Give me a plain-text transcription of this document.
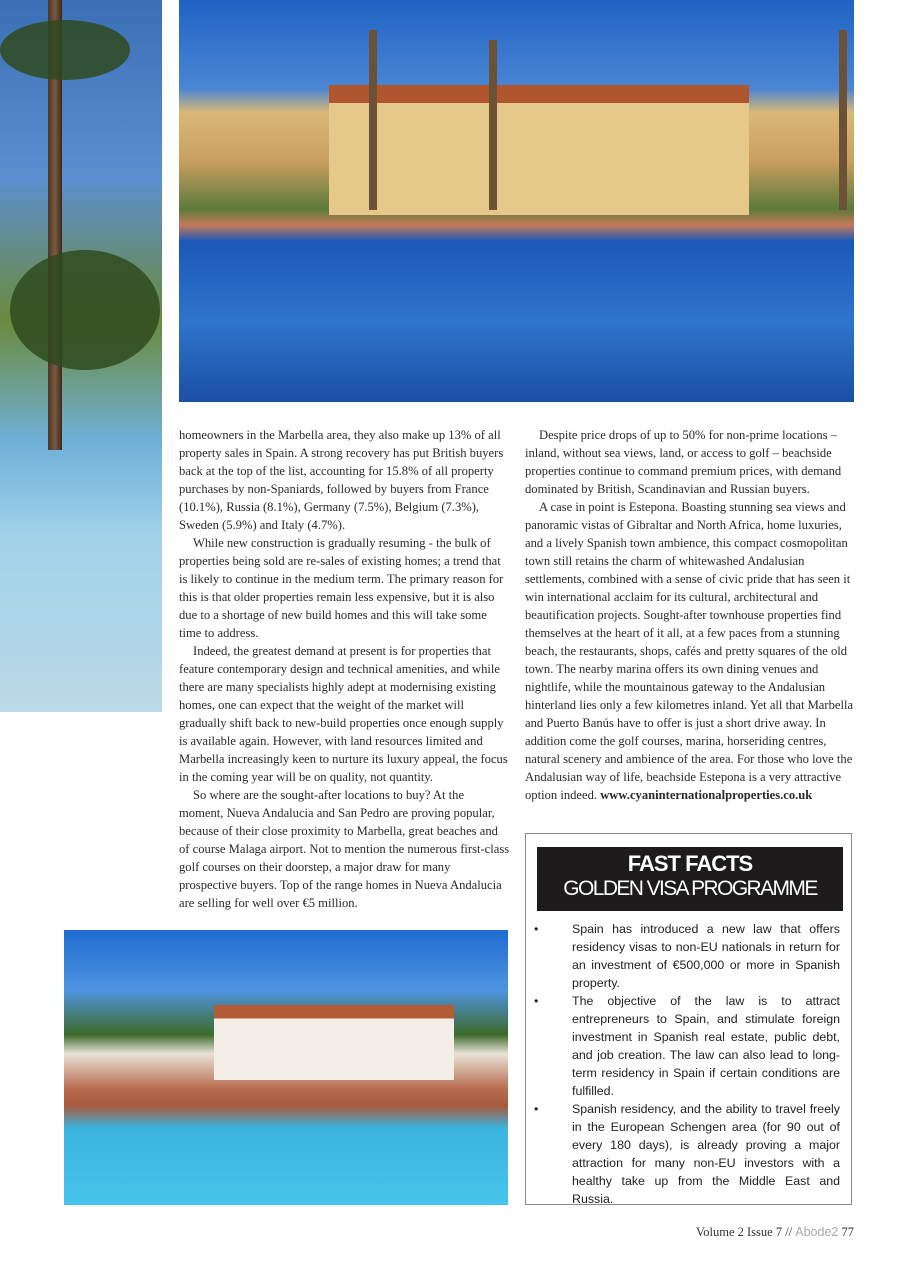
homeowners in the Marbella area, they also make up 13% of all property sales in Spain. A strong recovery has put British buyers back at the top of the list, accounting for 15.8% of all property purchases by non-Spaniards, followed by buyers from France (10.1%), Russia (8.1%), Germany (7.5%), Belgium (7.3%), Sweden (5.9%) and Italy (4.7%).

While new construction is gradually resuming - the bulk of properties being sold are re-sales of existing homes; a trend that is likely to continue in the medium term. The primary reason for this is that older properties remain less expensive, but it is also due to a shortage of new build homes and this will take some time to address.

Indeed, the greatest demand at present is for properties that feature contemporary design and technical amenities, and while there are many specialists highly adept at modernising existing homes, one can expect that the weight of the market will gradually shift back to new-build properties once enough supply is available again. However, with land resources limited and Marbella increasingly keen to nurture its luxury appeal, the focus in the coming year will be on quality, not quantity.

So where are the sought-after locations to buy? At the moment, Nueva Andalucia and San Pedro are proving popular, because of their close proximity to Marbella, great beaches and of course Malaga airport. Not to mention the numerous first-class golf courses on their doorstep, a major draw for many prospective buyers. Top of the range homes in Nueva Andalucia are selling for well over €5 million.

Despite price drops of up to 50% for non-prime locations – inland, without sea views, land, or access to golf – beachside properties continue to command premium prices, with demand dominated by British, Scandinavian and Russian buyers.

A case in point is Estepona. Boasting stunning sea views and panoramic vistas of Gibraltar and North Africa, home luxuries, and a lively Spanish town ambience, this compact cosmopolitan town still retains the charm of whitewashed Andalusian settlements, combined with a sense of civic pride that has seen it win international acclaim for its cultural, architectural and beautification projects. Sought-after townhouse properties find themselves at the heart of it all, at a few paces from a stunning beach, the restaurants, shops, cafés and pretty squares of the old town. The nearby marina offers its own dining venues and nightlife, while the mountainous gateway to the Andalusian hinterland lies only a few kilometres inland. Yet all that Marbella and Puerto Banús have to offer is just a short drive away. In addition come the golf courses, marina, horseriding centres, natural scenery and ambience of the area. For those who love the Andalusian way of life, beachside Estepona is a very attractive option indeed. www.cyaninternationalproperties.co.uk

FAST FACTS
GOLDEN VISA PROGRAMME
•	Spain has introduced a new law that offers residency visas to non-EU nationals in return for an investment of €500,000 or more in Spanish property.
•	The objective of the law is to attract entrepreneurs to Spain, and stimulate foreign investment in Spanish real estate, public debt, and job creation. The law can also lead to long-term residency in Spain if certain conditions are fulfilled.
•	Spanish residency, and the ability to travel freely in the European Schengen area (for 90 out of every 180 days), is already proving a major attraction for many non-EU investors with a healthy take up from the Middle East and Russia.
Volume 2 Issue 7 // Abode2 77
